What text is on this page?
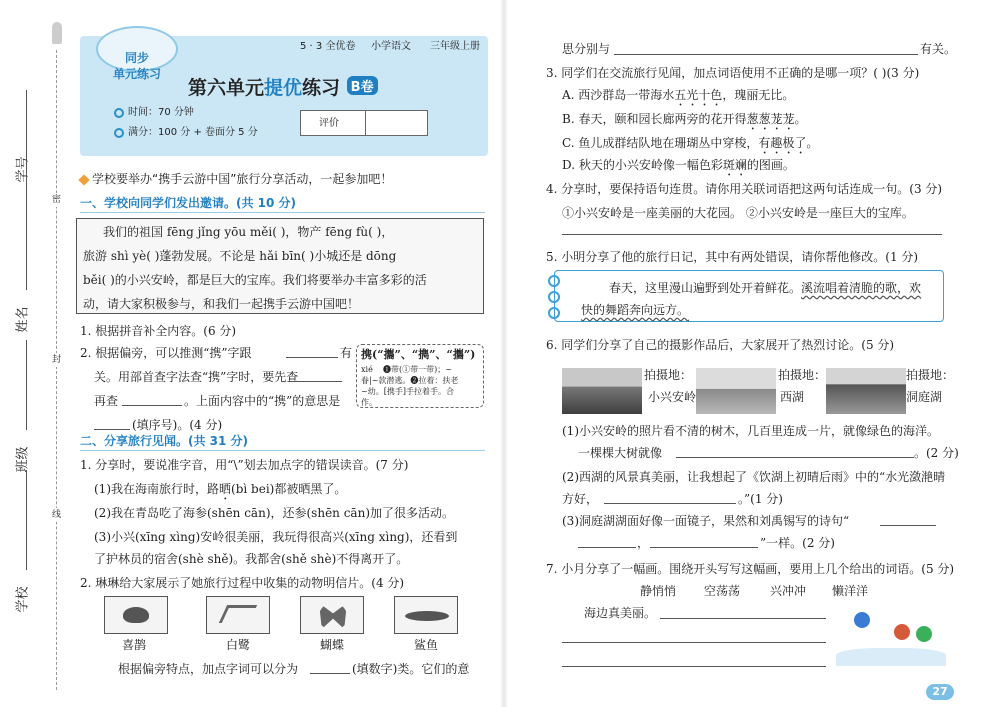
密
封
线
学号
姓名
班级
学校

同步
单元练习

5 · 3 全优卷 小学语文 三年级上册
第六单元提优练习 B卷
时间：70 分钟
满分：100 分 + 卷面分 5 分
评价
学校要举办“携手云游中国”旅行分享活动，一起参加吧！
一、学校向同学们发出邀请。(共 10 分)
我们的祖国 fēng jǐng yōu měi( )，物产 fēng fù( )，
旅游 shì yè( )蓬勃发展。不论是 hǎi bīn( )小城还是 dōng
běi( )的小兴安岭，都是巨大的宝库。我们将要举办丰富多彩的活
动，请大家积极参与，和我们一起携手云游中国吧！
1. 根据拼音补全内容。(6 分)
2. 根据偏旁，可以推测“携”字跟	有
关。用部首查字法查“携”字时，要先查
再查	。上面内容中的“携”的意思是
(填序号)。(4 分)
携(“攜”、“擕”、“攜”)
xié ❶带(①带一带)；~
眷|~款潜逃。❷拉着：扶老
~幼。[携手]手拉着手。合
作。
二、分享旅行见闻。(共 31 分)
1. 分享时，要说准字音，用“\”划去加点字的错误读音。(7 分)
(1)我在海南旅行时，路晒(bì bei)都被晒黑了。
(2)我在青岛吃了海参(shēn cān)，还参(shēn cān)加了很多活动。
(3)小兴(xīng xìng)安岭很美丽，我玩得很高兴(xīng xìng)，还看到
了护林员的宿舍(shè shě)。我都舍(shě shè)不得离开了。
2. 琳琳给大家展示了她旅行过程中收集的动物明信片。(4 分)
喜鹊	白鹭	蝴蝶	鲨鱼
根据偏旁特点，加点字词可以分为	(填数字)类。它们的意
思分别与	有关。
3. 同学们在交流旅行见闻，加点词语使用不正确的是哪一项？( )(3 分)
A. 西沙群岛一带海水五光十色，瑰丽无比。
B. 春天，颐和园长廊两旁的花开得葱葱茏茏。
C. 鱼儿成群结队地在珊瑚丛中穿梭，有趣极了。
D. 秋天的小兴安岭像一幅色彩斑斓的图画。
4. 分享时，要保持语句连贯。请你用关联词语把这两句话连成一句。(3 分)
①小兴安岭是一座美丽的大花园。 ②小兴安岭是一座巨大的宝库。
5. 小明分享了他的旅行日记，其中有两处错误，请你帮他修改。(1 分)
春天，这里漫山遍野到处开着鲜花。溪流唱着清脆的歌，欢
快的舞蹈奔向远方。
6. 同学们分享了自己的摄影作品后，大家展开了热烈讨论。(5 分)
拍摄地：
小兴安岭
拍摄地：
西湖
拍摄地：
洞庭湖
(1)小兴安岭的照片看不清的树木，几百里连成一片，就像绿色的海洋。
一棵棵大树就像	。(2 分)
(2)西湖的风景真美丽，让我想起了《饮湖上初晴后雨》中的“水光潋滟晴
方好，	。”(1 分)
(3)洞庭湖湖面好像一面镜子，果然和刘禹锡写的诗句“
，	”一样。(2 分)
7. 小月分享了一幅画。围绕开头写写这幅画，要用上几个给出的词语。(5 分)
静悄悄 空荡荡 兴冲冲 懒洋洋
海边真美丽。
27
